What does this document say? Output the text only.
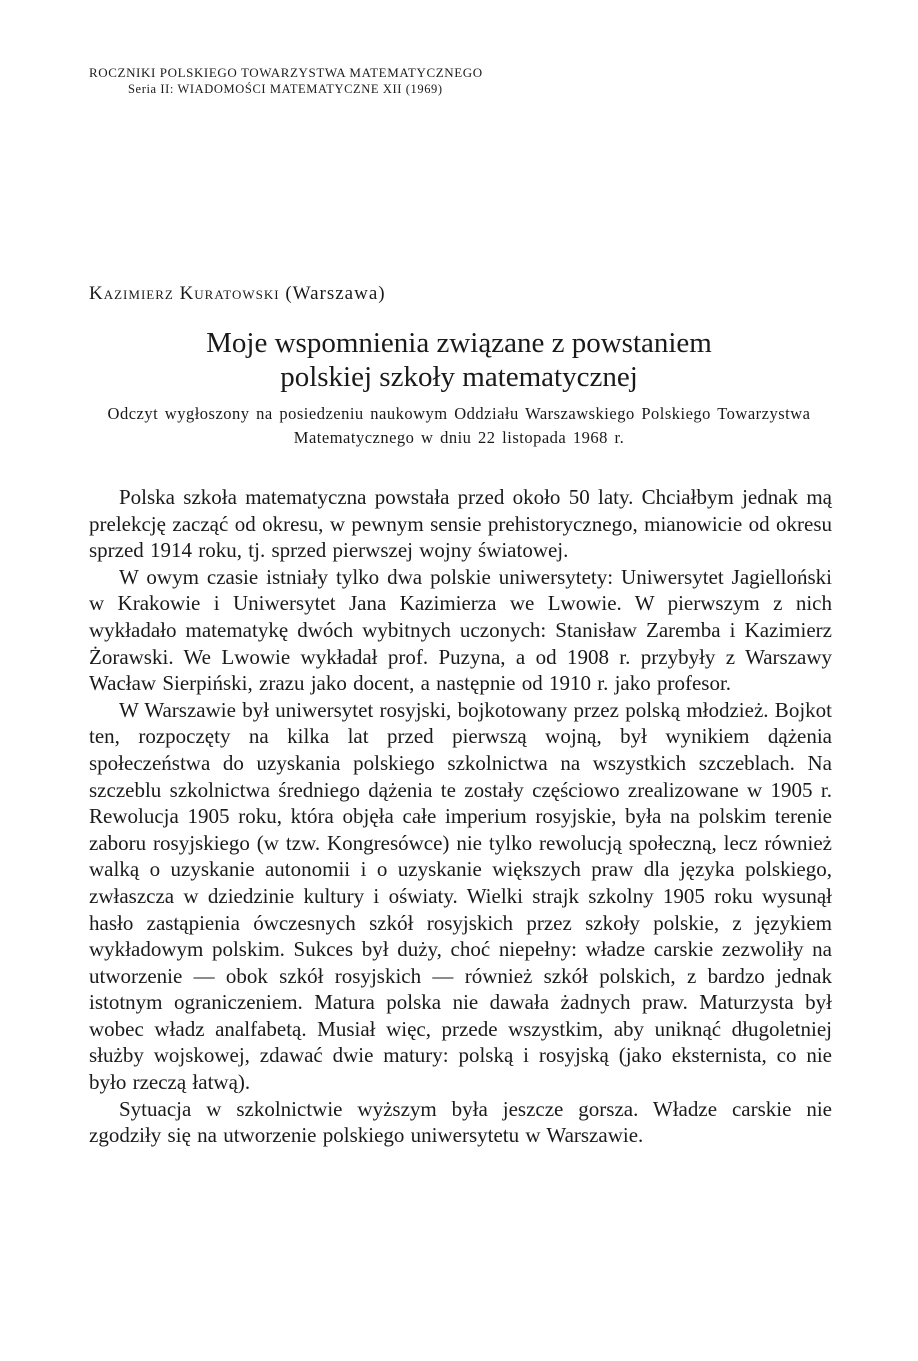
ROCZNIKI POLSKIEGO TOWARZYSTWA MATEMATYCZNEGO
Seria II: WIADOMOŚCI MATEMATYCZNE XII (1969)
Kazimierz Kuratowski (Warszawa)
Moje wspomnienia związane z powstaniem
polskiej szkoły matematycznej
Odczyt wygłoszony na posiedzeniu naukowym Oddziału Warszawskiego Polskiego Towarzystwa Matematycznego w dniu 22 listopada 1968 r.

Polska szkoła matematyczna powstała przed około 50 laty. Chciałbym jednak mą prelekcję zacząć od okresu, w pewnym sensie prehistorycznego, mianowicie od okresu sprzed 1914 roku, tj. sprzed pierwszej wojny światowej.

W owym czasie istniały tylko dwa polskie uniwersytety: Uniwersytet Jagielloński w Krakowie i Uniwersytet Jana Kazimierza we Lwowie. W pierwszym z nich wykładało matematykę dwóch wybitnych uczonych: Stanisław Zaremba i Kazimierz Żorawski. We Lwowie wykładał prof. Puzyna, a od 1908 r. przybyły z Warszawy Wacław Sierpiński, zrazu jako docent, a następnie od 1910 r. jako profesor.

W Warszawie był uniwersytet rosyjski, bojkotowany przez polską młodzież. Bojkot ten, rozpoczęty na kilka lat przed pierwszą wojną, był wynikiem dążenia społeczeństwa do uzyskania polskiego szkolnictwa na wszystkich szczeblach. Na szczeblu szkolnictwa średniego dążenia te zostały częściowo zrealizowane w 1905 r. Rewolucja 1905 roku, która objęła całe imperium rosyjskie, była na polskim terenie zaboru rosyjskiego (w tzw. Kongresówce) nie tylko rewolucją społeczną, lecz również walką o uzyskanie autonomii i o uzyskanie większych praw dla języka polskiego, zwłaszcza w dziedzinie kultury i oświaty. Wielki strajk szkolny 1905 roku wysunął hasło zastąpienia ówczesnych szkół rosyjskich przez szkoły polskie, z językiem wykładowym polskim. Sukces był duży, choć niepełny: władze carskie zezwoliły na utworzenie — obok szkół rosyjskich — również szkół polskich, z bardzo jednak istotnym ograniczeniem. Matura polska nie dawała żadnych praw. Maturzysta był wobec władz analfabetą. Musiał więc, przede wszystkim, aby uniknąć długoletniej służby wojskowej, zdawać dwie matury: polską i rosyjską (jako eksternista, co nie było rzeczą łatwą).

Sytuacja w szkolnictwie wyższym była jeszcze gorsza. Władze carskie nie zgodziły się na utworzenie polskiego uniwersytetu w Warszawie.
